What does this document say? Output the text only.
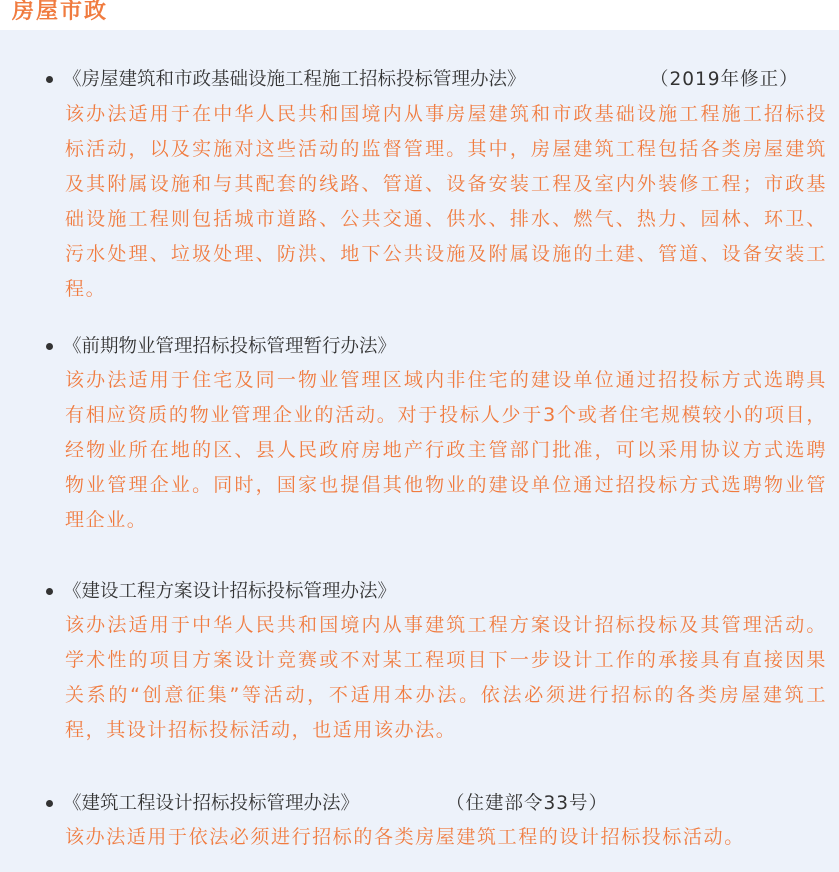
房屋市政
《房屋建筑和市政基础设施工程施工招标投标管理办法》	（2019年修正）

该办法适用于在中华人民共和国境内从事房屋建筑和市政基础设施工程施工招标投标活动，以及实施对这些活动的监督管理。其中，房屋建筑工程包括各类房屋建筑及其附属设施和与其配套的线路、管道、设备安装工程及室内外装修工程；市政基础设施工程则包括城市道路、公共交通、供水、排水、燃气、热力、园林、环卫、污水处理、垃圾处理、防洪、地下公共设施及附属设施的土建、管道、设备安装工程。

《前期物业管理招标投标管理暂行办法》

该办法适用于住宅及同一物业管理区域内非住宅的建设单位通过招投标方式选聘具有相应资质的物业管理企业的活动。对于投标人少于3个或者住宅规模较小的项目，经物业所在地的区、县人民政府房地产行政主管部门批准，可以采用协议方式选聘物业管理企业。同时，国家也提倡其他物业的建设单位通过招投标方式选聘物业管理企业。

《建设工程方案设计招标投标管理办法》

该办法适用于中华人民共和国境内从事建筑工程方案设计招标投标及其管理活动。学术性的项目方案设计竞赛或不对某工程项目下一步设计工作的承接具有直接因果关系的“创意征集”等活动，不适用本办法。依法必须进行招标的各类房屋建筑工程，其设计招标投标活动，也适用该办法。

《建筑工程设计招标投标管理办法》	（住建部令33号）

该办法适用于依法必须进行招标的各类房屋建筑工程的设计招标投标活动。
